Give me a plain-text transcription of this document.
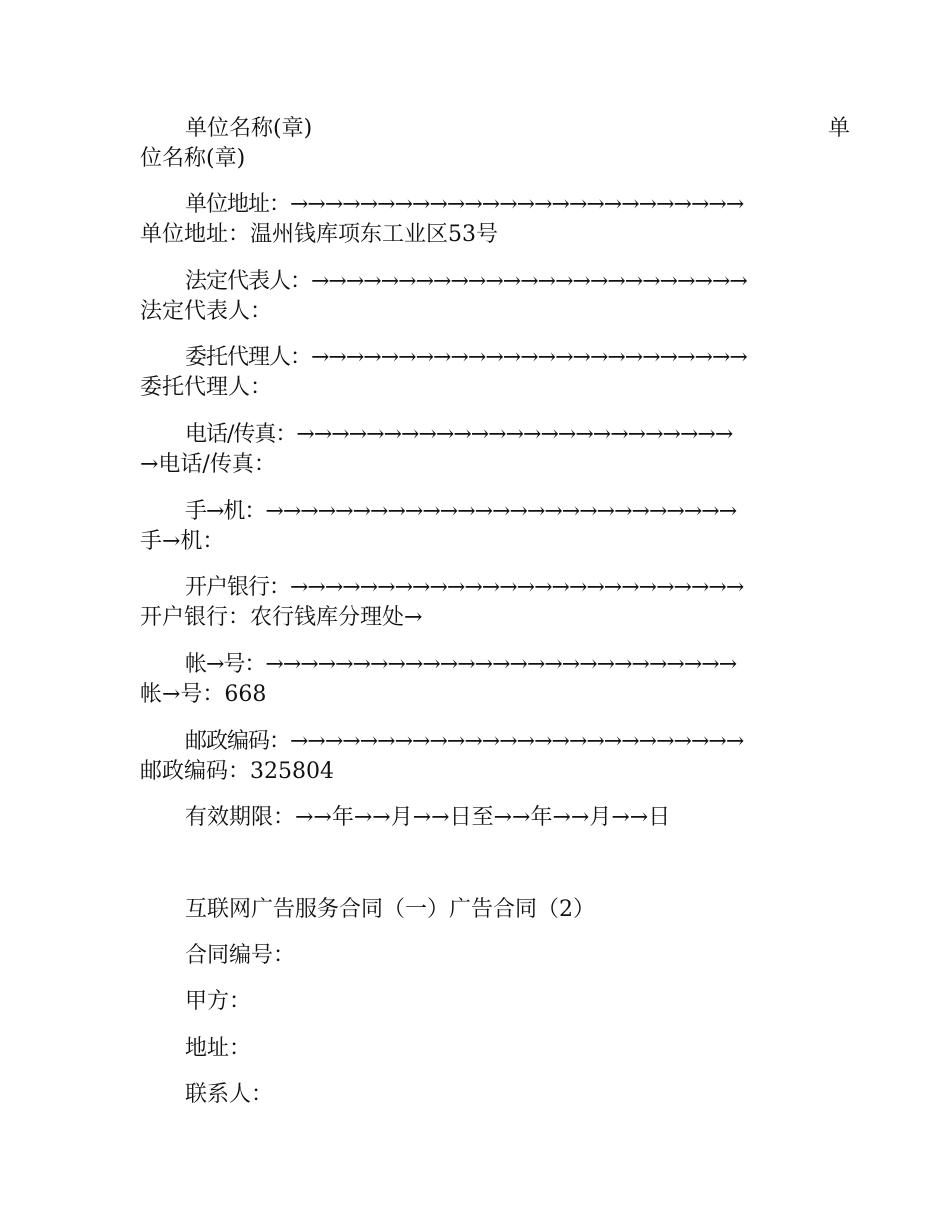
单位名称(章)	单
位名称(章)
单位地址：→→→→→→→→→→→→→→→→→→→→→→→→→→
单位地址：温州钱库项东工业区53号
法定代表人：→→→→→→→→→→→→→→→→→→→→→→→→→
法定代表人：
委托代理人：→→→→→→→→→→→→→→→→→→→→→→→→→
委托代理人：
电话/传真：→→→→→→→→→→→→→→→→→→→→→→→→→
→电话/传真：
手→机：→→→→→→→→→→→→→→→→→→→→→→→→→→→
手→机：
开户银行：→→→→→→→→→→→→→→→→→→→→→→→→→→
开户银行：农行钱库分理处→
帐→号：→→→→→→→→→→→→→→→→→→→→→→→→→→→
帐→号：668
邮政编码：→→→→→→→→→→→→→→→→→→→→→→→→→→
邮政编码：325804
有效期限：→→年→→月→→日至→→年→→月→→日
互联网广告服务合同（一）广告合同（2）
合同编号：
甲方：
地址：
联系人：
